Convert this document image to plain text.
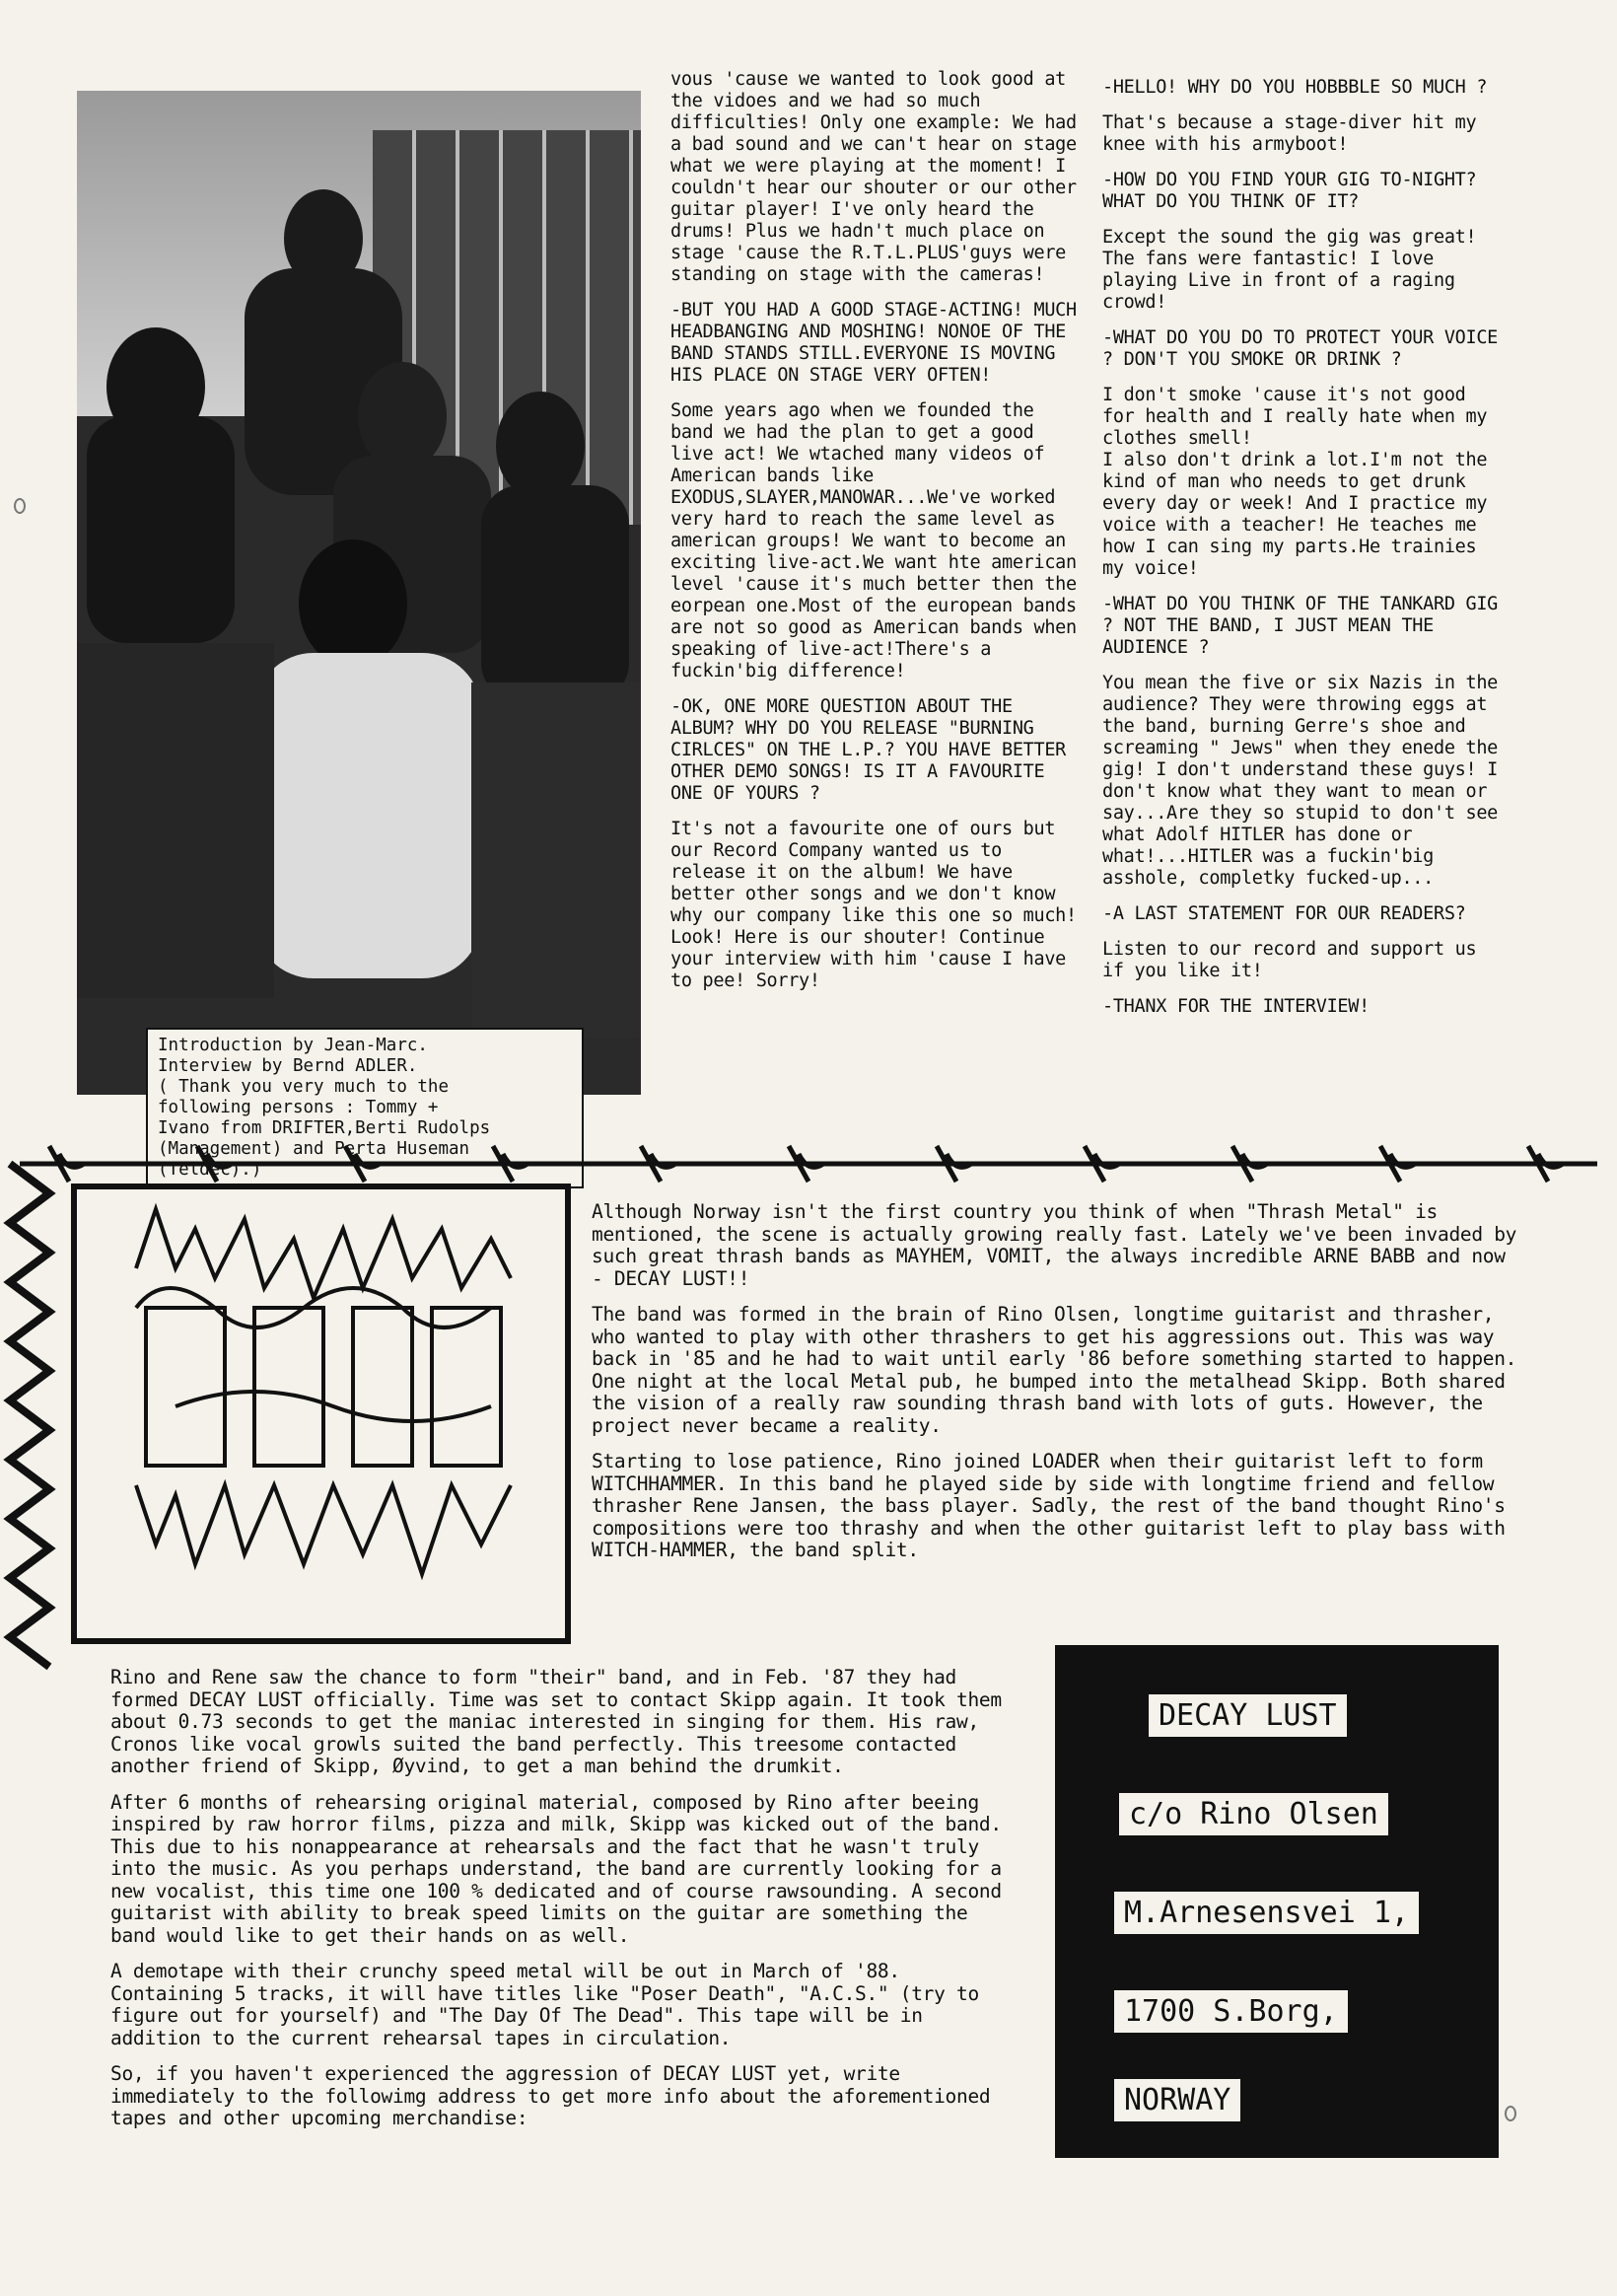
Introduction by Jean-Marc.
Interview by Bernd ADLER.
( Thank you very much to the
following persons : Tommy +
Ivano from DRIFTER,Berti Rudolps
(Management) and Perta Huseman
(Teldec).)

vous 'cause we wanted to look good at the vidoes and we had so much difficulties! Only one example: We had a bad sound and we can't hear on stage what we were playing at the moment! I couldn't hear our shouter or our other guitar player! I've only heard the drums! Plus we hadn't much place on stage 'cause the R.T.L.PLUS'guys were standing on stage with the cameras!

-BUT YOU HAD A GOOD STAGE-ACTING! MUCH HEADBANGING AND MOSHING! NONOE OF THE BAND STANDS STILL.EVERYONE IS MOVING HIS PLACE ON STAGE VERY OFTEN!

Some years ago when we founded the band we had the plan to get a good live act! We wtached many videos of American bands like EXODUS,SLAYER,MANOWAR...We've worked very hard to reach the same level as american groups! We want to become an exciting live-act.We want hte american level 'cause it's much better then the eorpean one.Most of the european bands are not so good as American bands when speaking of live-act!There's a fuckin'big difference!

-OK, ONE MORE QUESTION ABOUT THE ALBUM? WHY DO YOU RELEASE "BURNING CIRLCES" ON THE L.P.? YOU HAVE BETTER OTHER DEMO SONGS! IS IT A FAVOURITE ONE OF YOURS ?

It's not a favourite one of ours but our Record Company wanted us to release it on the album! We have better other songs and we don't know why our company like this one so much!
Look! Here is our shouter! Continue your interview with him 'cause I have to pee! Sorry!

-HELLO! WHY DO YOU HOBBBLE SO MUCH ?

That's because a stage-diver hit my knee with his armyboot!

-HOW DO YOU FIND YOUR GIG TO-NIGHT? WHAT DO YOU THINK OF IT?

Except the sound the gig was great! The fans were fantastic! I love playing Live in front of a raging crowd!

-WHAT DO YOU DO TO PROTECT YOUR VOICE ? DON'T YOU SMOKE OR DRINK ?

I don't smoke 'cause it's not good for health and I really hate when my clothes smell!
I also don't drink a lot.I'm not the kind of man who needs to get drunk every day or week! And I practice my voice with a teacher! He teaches me how I can sing my parts.He trainies my voice!

-WHAT DO YOU THINK OF THE TANKARD GIG ? NOT THE BAND, I JUST MEAN THE AUDIENCE ?

You mean the five or six Nazis in the audience? They were throwing eggs at the band, burning Gerre's shoe and screaming " Jews" when they enede the gig! I don't understand these guys! I don't know what they want to mean or say...Are they so stupid to don't see what Adolf HITLER has done or what!...HITLER was a fuckin'big asshole, completky fucked-up...

-A LAST STATEMENT FOR OUR READERS?

Listen to our record and support us if you like it!

-THANX FOR THE INTERVIEW!

Although Norway isn't the first country you think of when "Thrash Metal" is mentioned, the scene is actually growing really fast. Lately we've been invaded by such great thrash bands as MAYHEM, VOMIT, the always incredible ARNE BABB and now - DECAY LUST!!

The band was formed in the brain of Rino Olsen, longtime guitarist and thrasher, who wanted to play with other thrashers to get his aggressions out. This was way back in '85 and he had to wait until early '86 before something started to happen. One night at the local Metal pub, he bumped into the metalhead Skipp. Both shared the vision of a really raw sounding thrash band with lots of guts. However, the project never became a reality.

Starting to lose patience, Rino joined LOADER when their guitarist left to form WITCHHAMMER. In this band he played side by side with longtime friend and fellow thrasher Rene Jansen, the bass player. Sadly, the rest of the band thought Rino's compositions were too thrashy and when the other guitarist left to play bass with WITCH-HAMMER, the band split.

Rino and Rene saw the chance to form "their" band, and in Feb. '87 they had formed DECAY LUST officially. Time was set to contact Skipp again. It took them about 0.73 seconds to get the maniac interested in singing for them. His raw, Cronos like vocal growls suited the band perfectly. This treesome contacted another friend of Skipp, Øyvind, to get a man behind the drumkit.

After 6 months of rehearsing original material, composed by Rino after beeing inspired by raw horror films, pizza and milk, Skipp was kicked out of the band. This due to his nonappearance at rehearsals and the fact that he wasn't truly into the music. As you perhaps understand, the band are currently looking for a new vocalist, this time one 100 % dedicated and of course rawsounding. A second guitarist with ability to break speed limits on the guitar are something the band would like to get their hands on as well.

A demotape with their crunchy speed metal will be out in March of '88. Containing 5 tracks, it will have titles like "Poser Death", "A.C.S." (try to figure out for yourself) and "The Day Of The Dead". This tape will be in addition to the current rehearsal tapes in circulation.

So, if you haven't experienced the aggression of DECAY LUST yet, write immediately to the followimg address to get more info about the aforementioned tapes and other upcoming merchandise:

DECAY LUST
c/o Rino Olsen
M.Arnesensvei 1,
1700 S.Borg,
NORWAY
